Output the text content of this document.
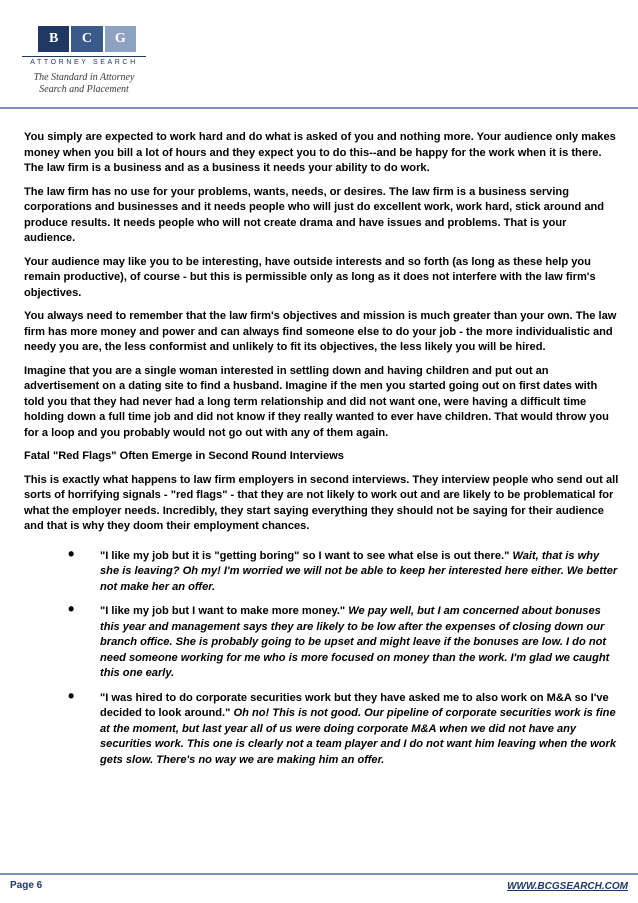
B	C	G
ATTORNEY SEARCH
The Standard in Attorney
Search and Placement

You simply are expected to work hard and do what is asked of you and nothing more. Your audience only makes money when you bill a lot of hours and they expect you to do this--and be happy for the work when it is there. The law firm is a business and as a business it needs your ability to do work.

The law firm has no use for your problems, wants, needs, or desires. The law firm is a business serving corporations and businesses and it needs people who will just do excellent work, work hard, stick around and produce results. It needs people who will not create drama and have issues and problems. That is your audience.

Your audience may like you to be interesting, have outside interests and so forth (as long as these help you remain productive), of course - but this is permissible only as long as it does not interfere with the law firm's objectives.

You always need to remember that the law firm's objectives and mission is much greater than your own. The law firm has more money and power and can always find someone else to do your job - the more individualistic and needy you are, the less conformist and unlikely to fit its objectives, the less likely you will be hired.

Imagine that you are a single woman interested in settling down and having children and put out an advertisement on a dating site to find a husband. Imagine if the men you started going out on first dates with told you that they had never had a long term relationship and did not want one, were having a difficult time holding down a full time job and did not know if they really wanted to ever have children. That would throw you for a loop and you probably would not go out with any of them again.

Fatal "Red Flags" Often Emerge in Second Round Interviews

This is exactly what happens to law firm employers in second interviews. They interview people who send out all sorts of horrifying signals - "red flags" - that they are not likely to work out and are likely to be problematical for what the employer needs. Incredibly, they start saying everything they should not be saying for their audience and that is why they doom their employment chances.

• "I like my job but it is "getting boring" so I want to see what else is out there." Wait, that is why she is leaving? Oh my! I'm worried we will not be able to keep her interested here either. We better not make her an offer.
• "I like my job but I want to make more money." We pay well, but I am concerned about bonuses this year and management says they are likely to be low after the expenses of closing down our branch office. She is probably going to be upset and might leave if the bonuses are low. I do not need someone working for me who is more focused on money than the work. I'm glad we caught this one early.
• "I was hired to do corporate securities work but they have asked me to also work on M&A so I've decided to look around." Oh no! This is not good. Our pipeline of corporate securities work is fine at the moment, but last year all of us were doing corporate M&A when we did not have any securities work. This one is clearly not a team player and I do not want him leaving when the work gets slow. There's no way we are making him an offer.
Page 6	WWW.BCGSEARCH.COM
